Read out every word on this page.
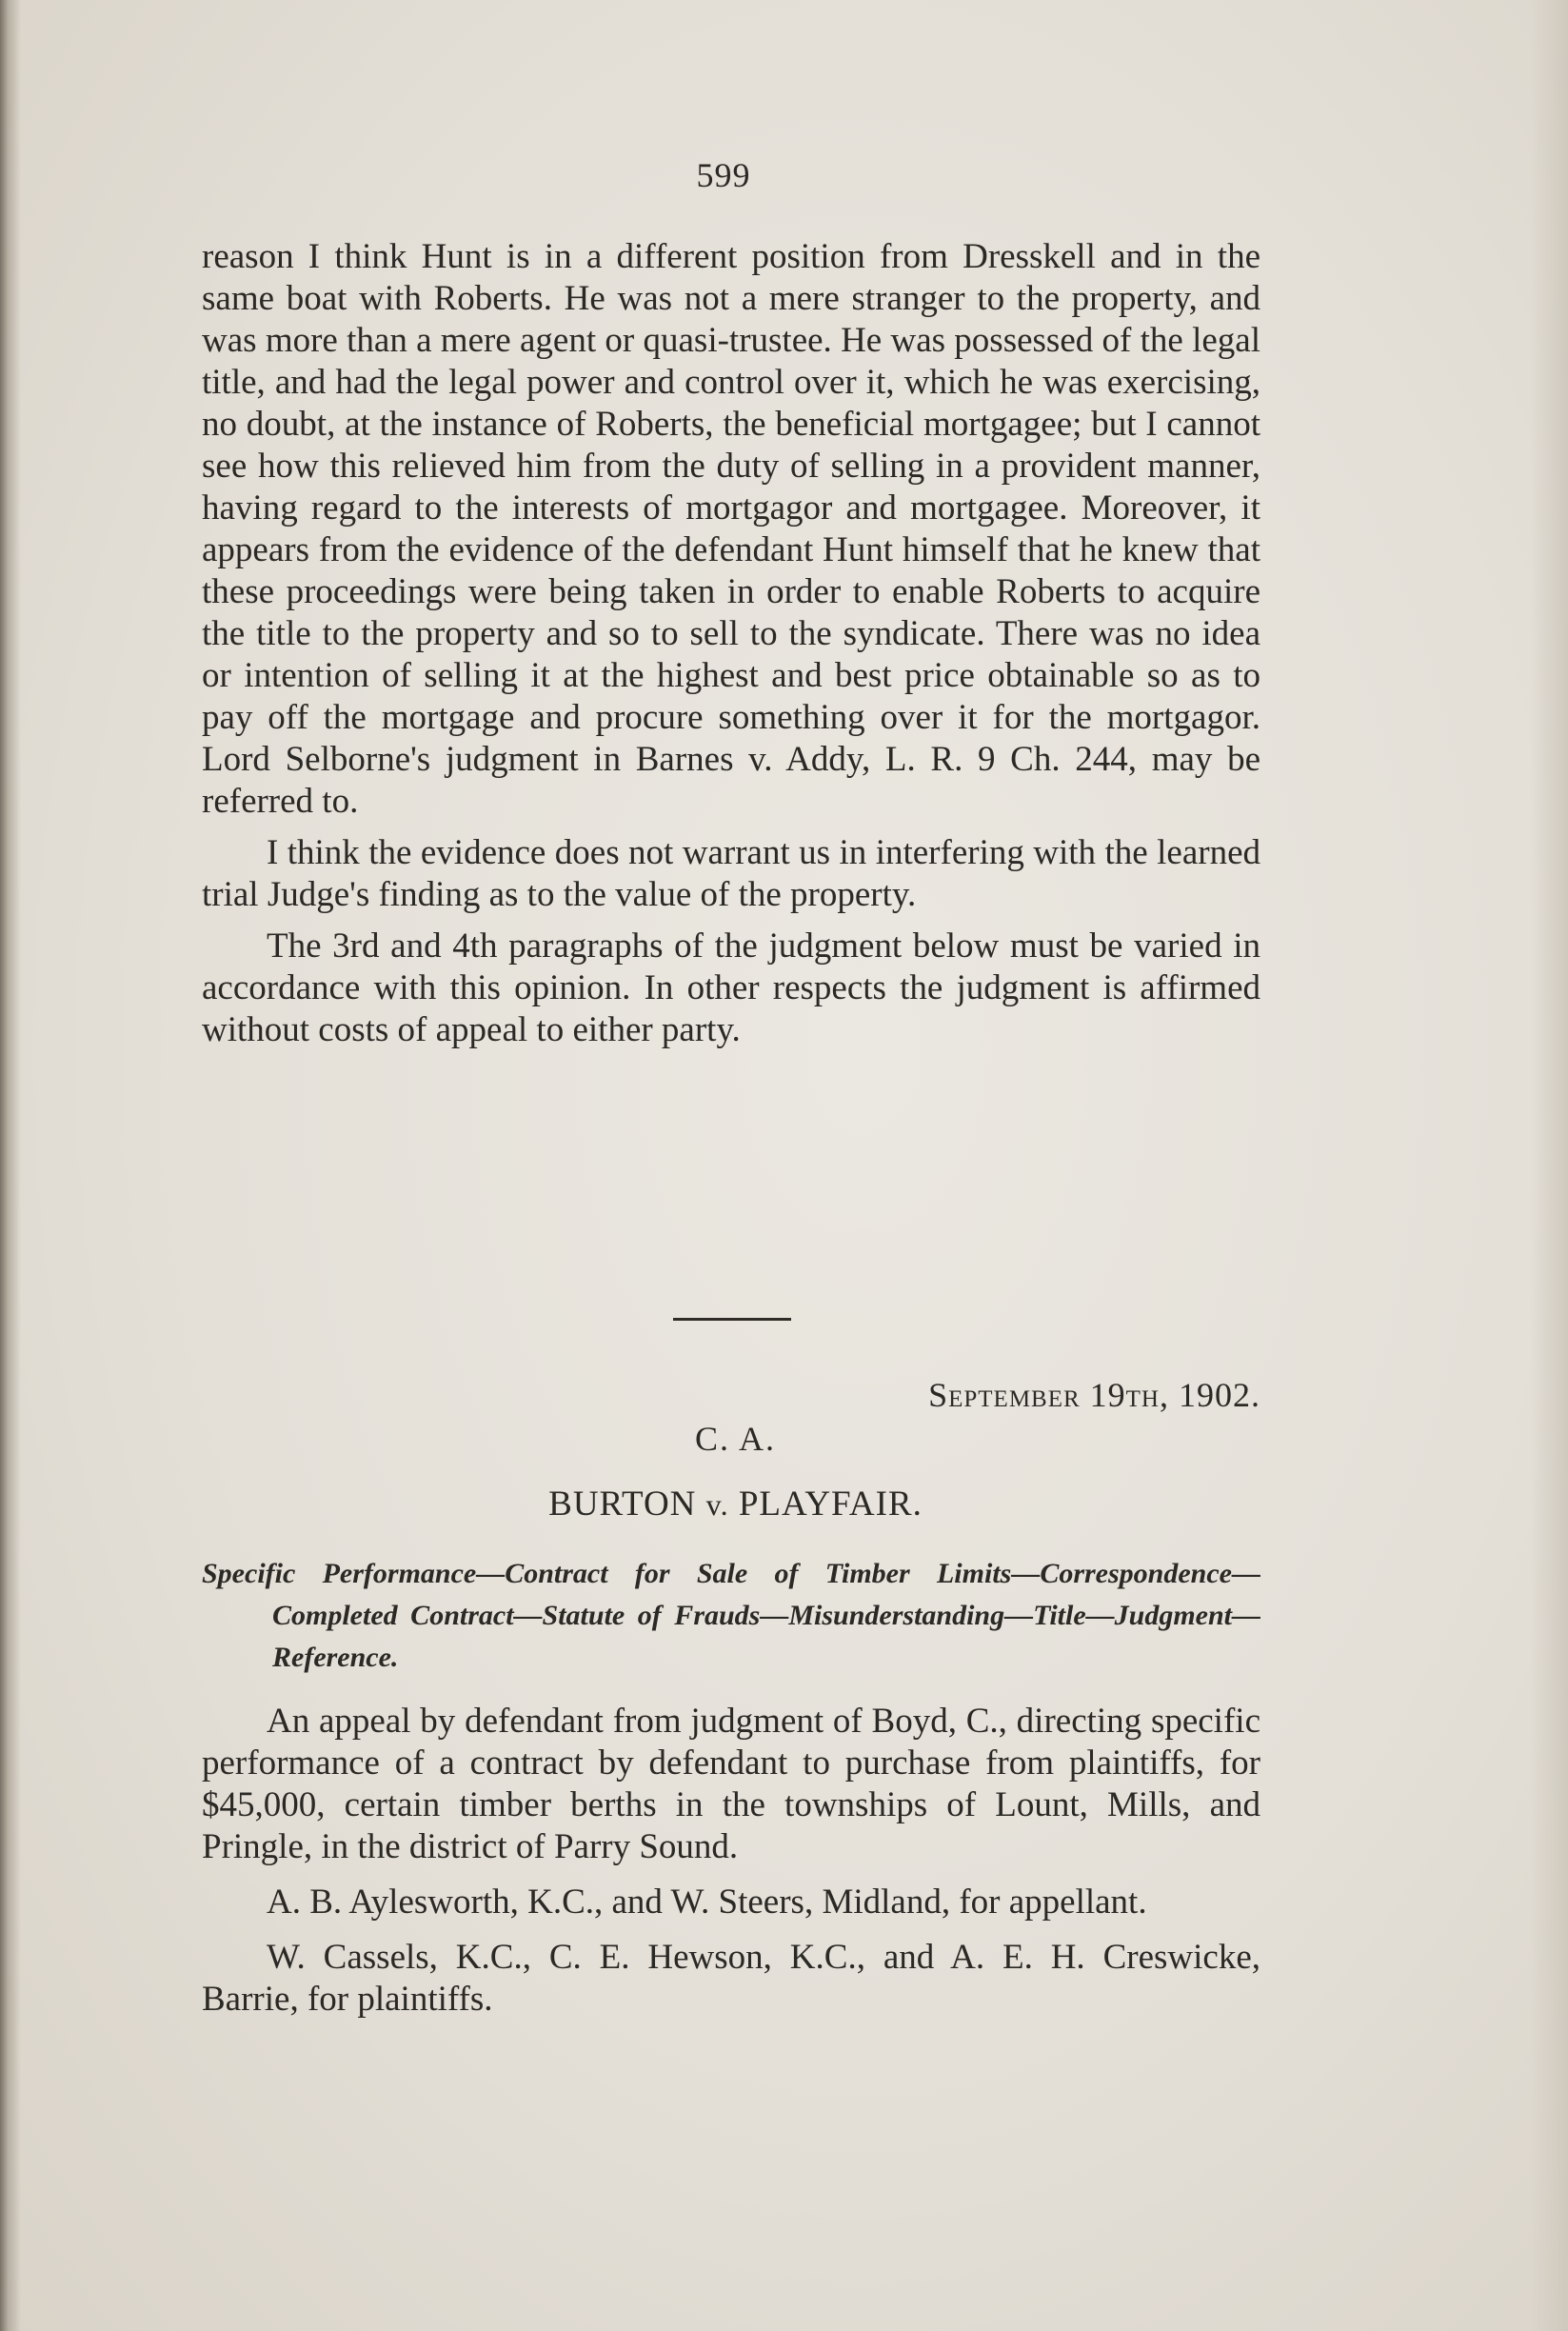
599

reason I think Hunt is in a different position from Dresskell and in the same boat with Roberts. He was not a mere stranger to the property, and was more than a mere agent or quasi-trustee. He was possessed of the legal title, and had the legal power and control over it, which he was exercising, no doubt, at the instance of Roberts, the beneficial mortgagee; but I cannot see how this relieved him from the duty of selling in a provident manner, having regard to the interests of mortgagor and mortgagee. Moreover, it appears from the evidence of the defendant Hunt himself that he knew that these proceedings were being taken in order to enable Roberts to acquire the title to the property and so to sell to the syndicate. There was no idea or intention of selling it at the highest and best price obtainable so as to pay off the mortgage and procure something over it for the mortgagor. Lord Selborne's judgment in Barnes v. Addy, L. R. 9 Ch. 244, may be referred to.

I think the evidence does not warrant us in interfering with the learned trial Judge's finding as to the value of the property.

The 3rd and 4th paragraphs of the judgment below must be varied in accordance with this opinion. In other respects the judgment is affirmed without costs of appeal to either party.

September 19th, 1902.
C. A.
BURTON v. PLAYFAIR.
Specific Performance—Contract for Sale of Timber Limits—Correspondence—Completed Contract—Statute of Frauds—Misunderstanding—Title—Judgment—Reference.

An appeal by defendant from judgment of Boyd, C., directing specific performance of a contract by defendant to purchase from plaintiffs, for $45,000, certain timber berths in the townships of Lount, Mills, and Pringle, in the district of Parry Sound.

A. B. Aylesworth, K.C., and W. Steers, Midland, for appellant.

W. Cassels, K.C., C. E. Hewson, K.C., and A. E. H. Creswicke, Barrie, for plaintiffs.
